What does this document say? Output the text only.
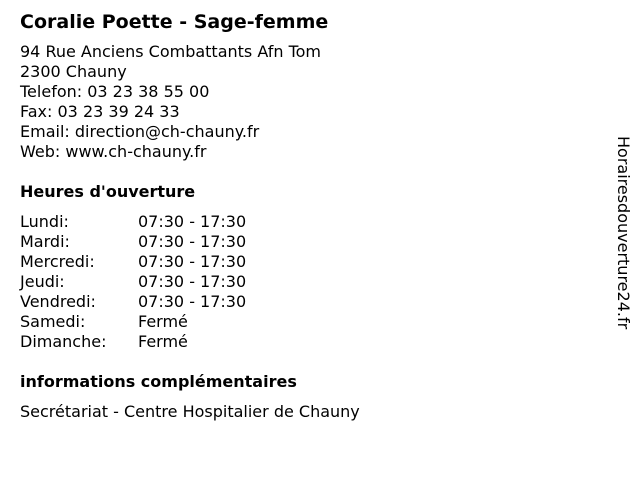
Coralie Poette - Sage-femme
94 Rue Anciens Combattants Afn Tom
2300 Chauny
Telefon: 03 23 38 55 00
Fax: 03 23 39 24 33
Email: direction@ch-chauny.fr
Web: www.ch-chauny.fr
Heures d'ouverture
Lundi:	07:30 - 17:30
Mardi:	07:30 - 17:30
Mercredi:	07:30 - 17:30
Jeudi:	07:30 - 17:30
Vendredi:	07:30 - 17:30
Samedi:	Fermé
Dimanche:	Fermé
informations complémentaires
Secrétariat - Centre Hospitalier de Chauny
Horairesdouverture24.fr
